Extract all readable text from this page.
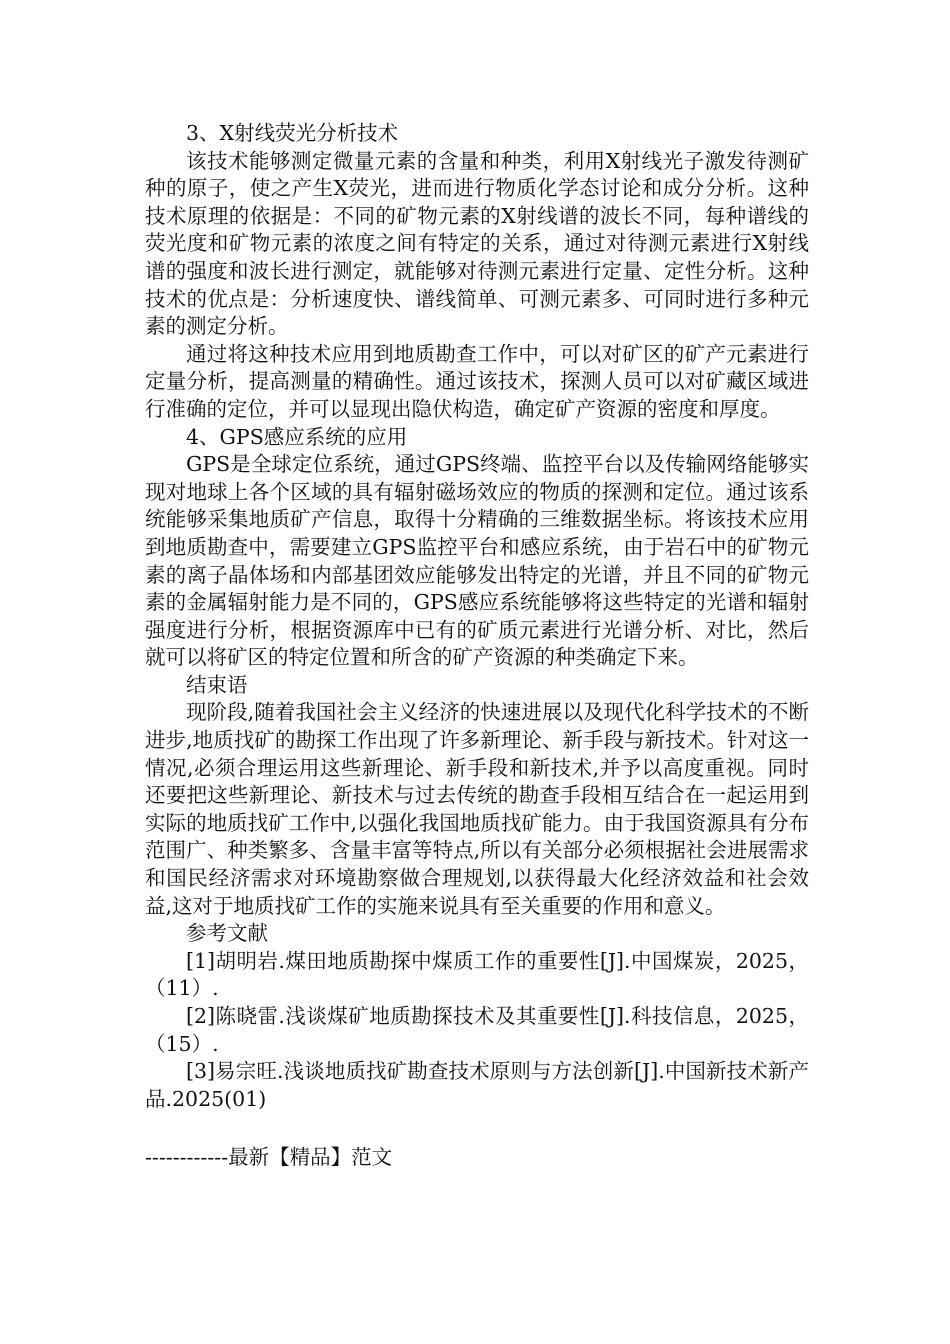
3、X射线荧光分析技术

该技术能够测定微量元素的含量和种类，利用X射线光子激发待测矿种的原子，使之产生X荧光，进而进行物质化学态讨论和成分分析。这种技术原理的依据是：不同的矿物元素的X射线谱的波长不同，每种谱线的荧光度和矿物元素的浓度之间有特定的关系，通过对待测元素进行X射线谱的强度和波长进行测定，就能够对待测元素进行定量、定性分析。这种技术的优点是：分析速度快、谱线简单、可测元素多、可同时进行多种元素的测定分析。

通过将这种技术应用到地质勘查工作中，可以对矿区的矿产元素进行定量分析，提高测量的精确性。通过该技术，探测人员可以对矿藏区域进行准确的定位，并可以显现出隐伏构造，确定矿产资源的密度和厚度。

4、GPS感应系统的应用

GPS是全球定位系统，通过GPS终端、监控平台以及传输网络能够实现对地球上各个区域的具有辐射磁场效应的物质的探测和定位。通过该系统能够采集地质矿产信息，取得十分精确的三维数据坐标。将该技术应用到地质勘查中，需要建立GPS监控平台和感应系统，由于岩石中的矿物元素的离子晶体场和内部基团效应能够发出特定的光谱，并且不同的矿物元素的金属辐射能力是不同的，GPS感应系统能够将这些特定的光谱和辐射强度进行分析，根据资源库中已有的矿质元素进行光谱分析、对比，然后就可以将矿区的特定位置和所含的矿产资源的种类确定下来。

结束语

现阶段,随着我国社会主义经济的快速进展以及现代化科学技术的不断进步,地质找矿的勘探工作出现了许多新理论、新手段与新技术。针对这一情况,必须合理运用这些新理论、新手段和新技术,并予以高度重视。同时还要把这些新理论、新技术与过去传统的勘查手段相互结合在一起运用到实际的地质找矿工作中,以强化我国地质找矿能力。由于我国资源具有分布范围广、种类繁多、含量丰富等特点,所以有关部分必须根据社会进展需求和国民经济需求对环境勘察做合理规划,以获得最大化经济效益和社会效益,这对于地质找矿工作的实施来说具有至关重要的作用和意义。

参考文献

[1]胡明岩.煤田地质勘探中煤质工作的重要性[J].中国煤炭，2025，（11）.

[2]陈晓雷.浅谈煤矿地质勘探技术及其重要性[J].科技信息，2025，（15）.

[3]易宗旺.浅谈地质找矿勘查技术原则与方法创新[J].中国新技术新产品.2025(01)

------------最新【精品】范文
